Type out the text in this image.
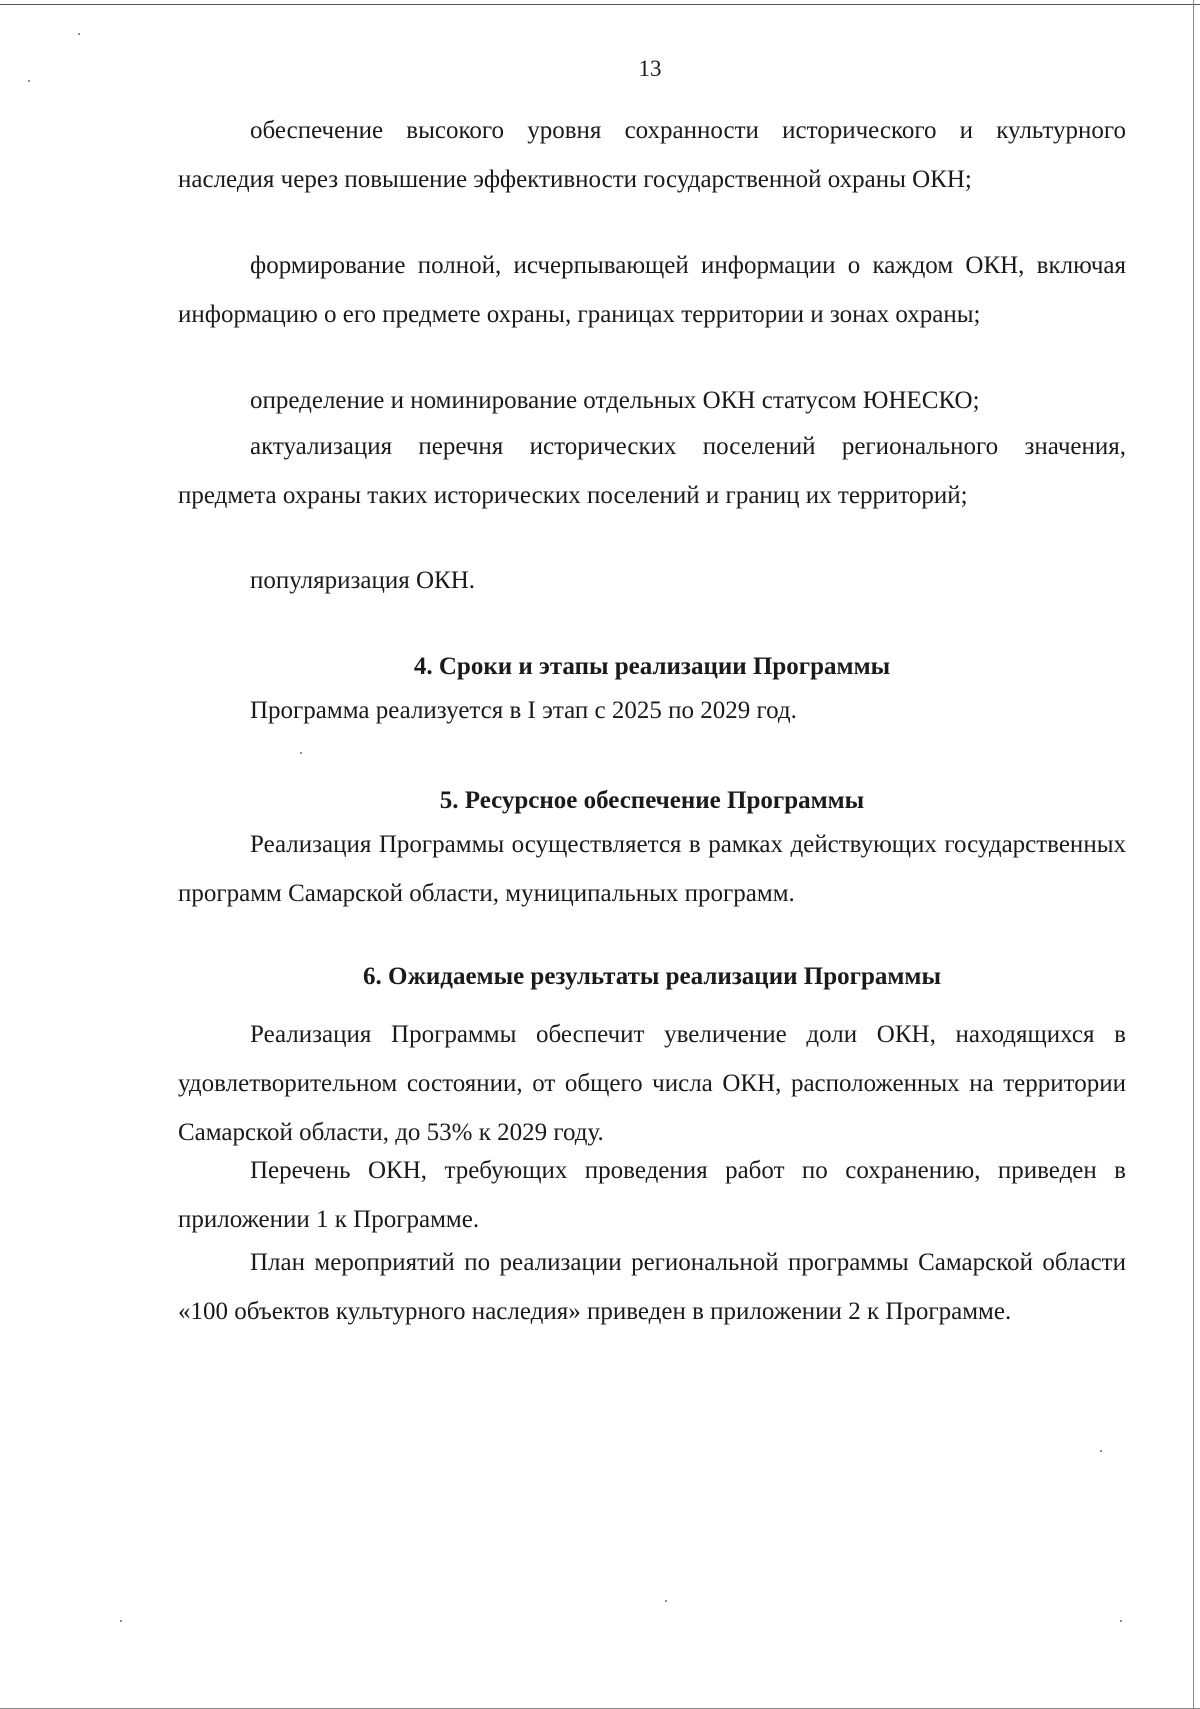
13

обеспечение высокого уровня сохранности исторического и культурного наследия через повышение эффективности государственной охраны ОКН;

формирование полной, исчерпывающей информации о каждом ОКН, включая информацию о его предмете охраны, границах территории и зонах охраны;

определение и номинирование отдельных ОКН статусом ЮНЕСКО;

актуализация перечня исторических поселений регионального значения, предмета охраны таких исторических поселений и границ их территорий;

популяризация ОКН.

4. Сроки и этапы реализации Программы

Программа реализуется в I этап с 2025 по 2029 год.

5. Ресурсное обеспечение Программы

Реализация Программы осуществляется в рамках действующих государственных программ Самарской области, муниципальных программ.

6. Ожидаемые результаты реализации Программы

Реализация Программы обеспечит увеличение доли ОКН, находящихся в удовлетворительном состоянии, от общего числа ОКН, расположенных на территории Самарской области, до 53% к 2029 году.

Перечень ОКН, требующих проведения работ по сохранению, приведен в приложении 1 к Программе.

План мероприятий по реализации региональной программы Самарской области «100 объектов культурного наследия» приведен в приложении 2 к Программе.
